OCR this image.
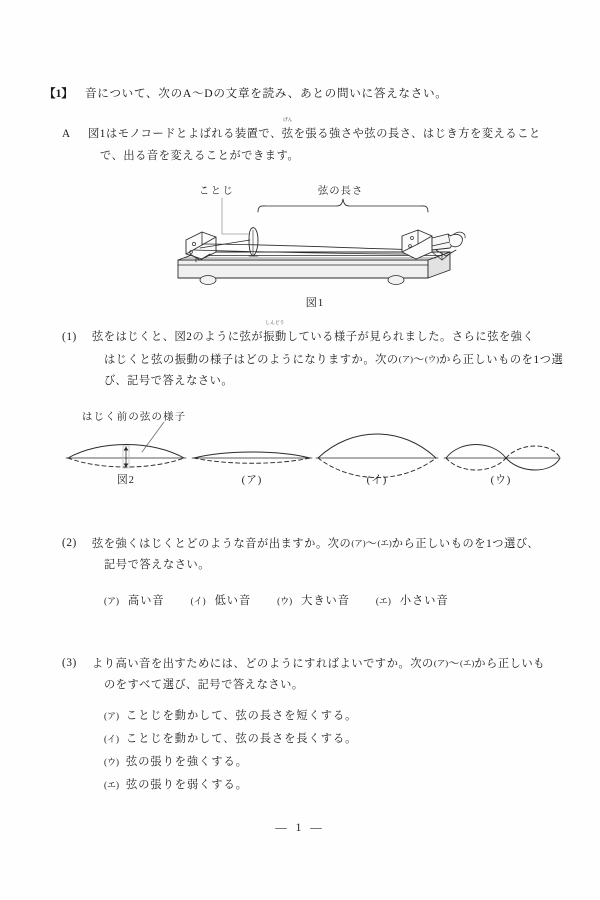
【1】 音について、次のA～Dの文章を読み、あとの問いに答えなさい。
A 図1はモノコードとよばれる装置で、
げん
弦を張る強さや弦の長さ、はじき方を変えること
で、出る音を変えることができます。
ことじ	弦の長さ
図1
(1) 弦をはじくと、図2のように弦が
しんどう
振動している様子が見られました。さらに弦を強く
はじくと弦の振動の様子はどのようになりますか。次の(ア)～(ウ)から正しいものを1つ選
び、記号で答えなさい。
はじく前の弦の様子
図2	(ア)	(イ)	(ウ)
(2) 弦を強くはじくとどのような音が出ますか。次の(ア)～(エ)から正しいものを1つ選び、
記号で答えなさい。
(ア) 高い音	(イ) 低い音	(ウ) 大きい音	(エ) 小さい音
(3) より高い音を出すためには、どのようにすればよいですか。次の(ア)～(エ)から正しいも
のをすべて選び、記号で答えなさい。
(ア) ことじを動かして、弦の長さを短くする。
(イ) ことじを動かして、弦の長さを長くする。
(ウ) 弦の張りを強くする。
(エ) 弦の張りを弱くする。
— 1 —
